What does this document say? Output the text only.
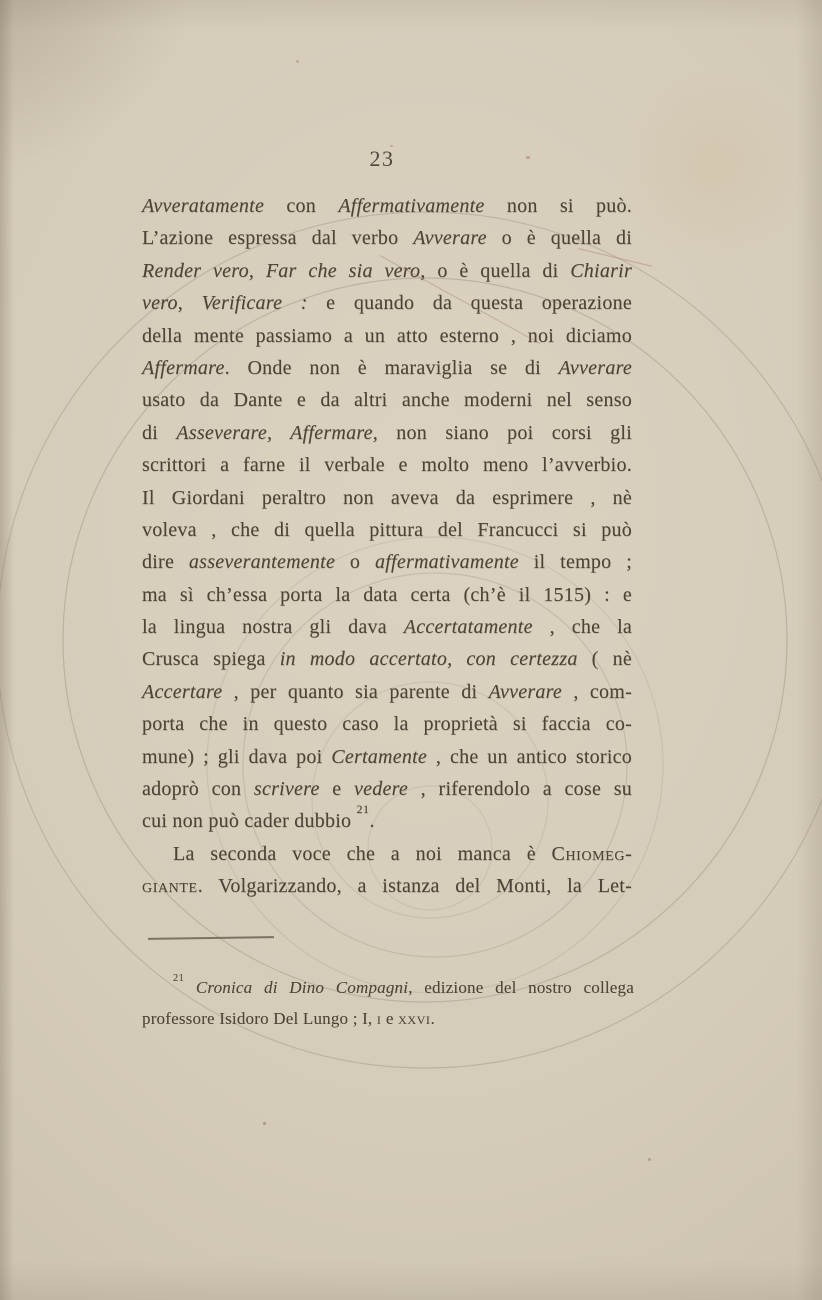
23
Avveratamente con Affermativamente non si può.
L’azione espressa dal verbo Avverare o è quella di
Render vero, Far che sia vero, o è quella di Chiarir
vero, Verificare : e quando da questa operazione
della mente passiamo a un atto esterno , noi diciamo
Affermare. Onde non è maraviglia se di Avverare
usato da Dante e da altri anche moderni nel senso
di Asseverare, Affermare, non siano poi corsi gli
scrittori a farne il verbale e molto meno l’avverbio.
Il Giordani peraltro non aveva da esprimere , nè
voleva , che di quella pittura del Francucci si può
dire asseverantemente o affermativamente il tempo ;
ma sì ch’essa porta la data certa (ch’è il 1515) : e
la lingua nostra gli dava Accertatamente , che la
Crusca spiega in modo accertato, con certezza ( nè
Accertare , per quanto sia parente di Avverare , com-
porta che in questo caso la proprietà si faccia co-
mune) ; gli dava poi Certamente , che un antico storico
adoprò con scrivere e vedere , riferendolo a cose su
cui non può cader dubbio $^{21}$.
La seconda voce che a noi manca è Chiomeg-
giante. Volgarizzando, a istanza del Monti, la Let-
$^{21}$ Cronica di Dino Compagni, edizione del nostro collega
professore Isidoro Del Lungo ; I, i e xxvi.
